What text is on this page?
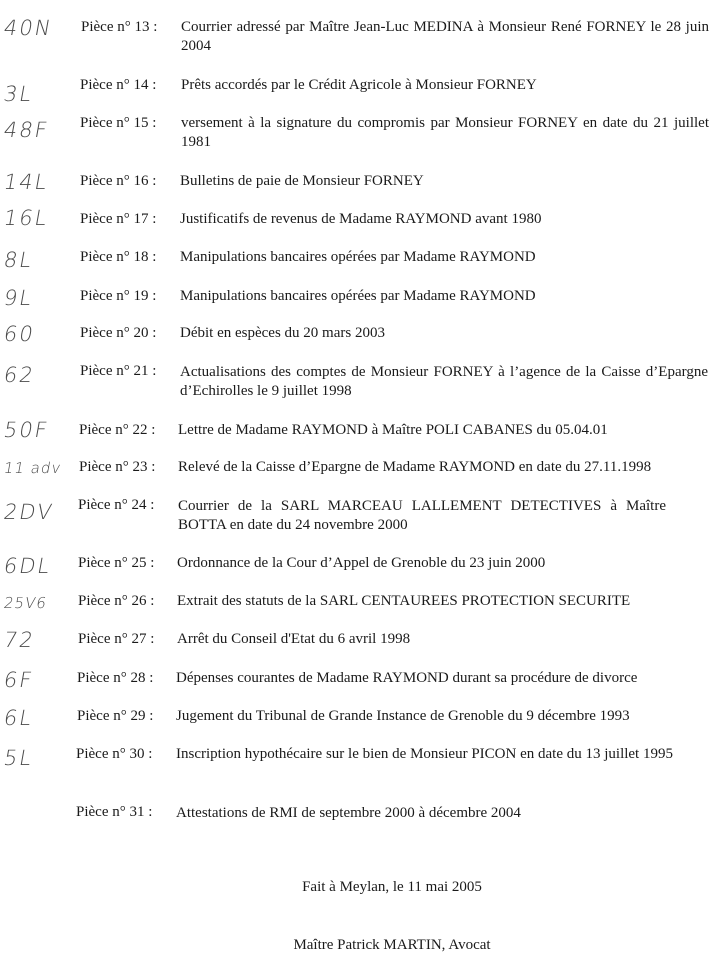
40N	Pièce n° 13 : Courrier adressé par Maître Jean-Luc MEDINA à Monsieur René FORNEY le 28 juin 2004
3L	Pièce n° 14 : Prêts accordés par le Crédit Agricole à Monsieur FORNEY
48F	Pièce n° 15 : versement à la signature du compromis par Monsieur FORNEY en date du 21 juillet 1981
14L	Pièce n° 16 : Bulletins de paie de Monsieur FORNEY
16L	Pièce n° 17 : Justificatifs de revenus de Madame RAYMOND avant 1980
8L	Pièce n° 18 : Manipulations bancaires opérées par Madame RAYMOND
9L	Pièce n° 19 : Manipulations bancaires opérées par Madame RAYMOND
60	Pièce n° 20 : Débit en espèces du 20 mars 2003
62	Pièce n° 21 : Actualisations des comptes de Monsieur FORNEY à l’agence de la Caisse d’Epargne d’Echirolles le 9 juillet 1998
50F	Pièce n° 22 : Lettre de Madame RAYMOND à Maître POLI CABANES du 05.04.01
11 adv	Pièce n° 23 : Relevé de la Caisse d’Epargne de Madame RAYMOND en date du 27.11.1998
2DV	Pièce n° 24 : Courrier de la SARL MARCEAU LALLEMENT DETECTIVES à Maître BOTTA en date du 24 novembre 2000
6DL	Pièce n° 25 : Ordonnance de la Cour d’Appel de Grenoble du 23 juin 2000
25V6	Pièce n° 26 : Extrait des statuts de la SARL CENTAUREES PROTECTION SECURITE
72	Pièce n° 27 : Arrêt du Conseil d'Etat du 6 avril 1998
6F	Pièce n° 28 : Dépenses courantes de Madame RAYMOND durant sa procédure de divorce
6L	Pièce n° 29 : Jugement du Tribunal de Grande Instance de Grenoble du 9 décembre 1993
5L	Pièce n° 30 : Inscription hypothécaire sur le bien de Monsieur PICON en date du 13 juillet 1995
Pièce n° 31 : Attestations de RMI de septembre 2000 à décembre 2004
Fait à Meylan, le 11 mai 2005
Maître Patrick MARTIN, Avocat
